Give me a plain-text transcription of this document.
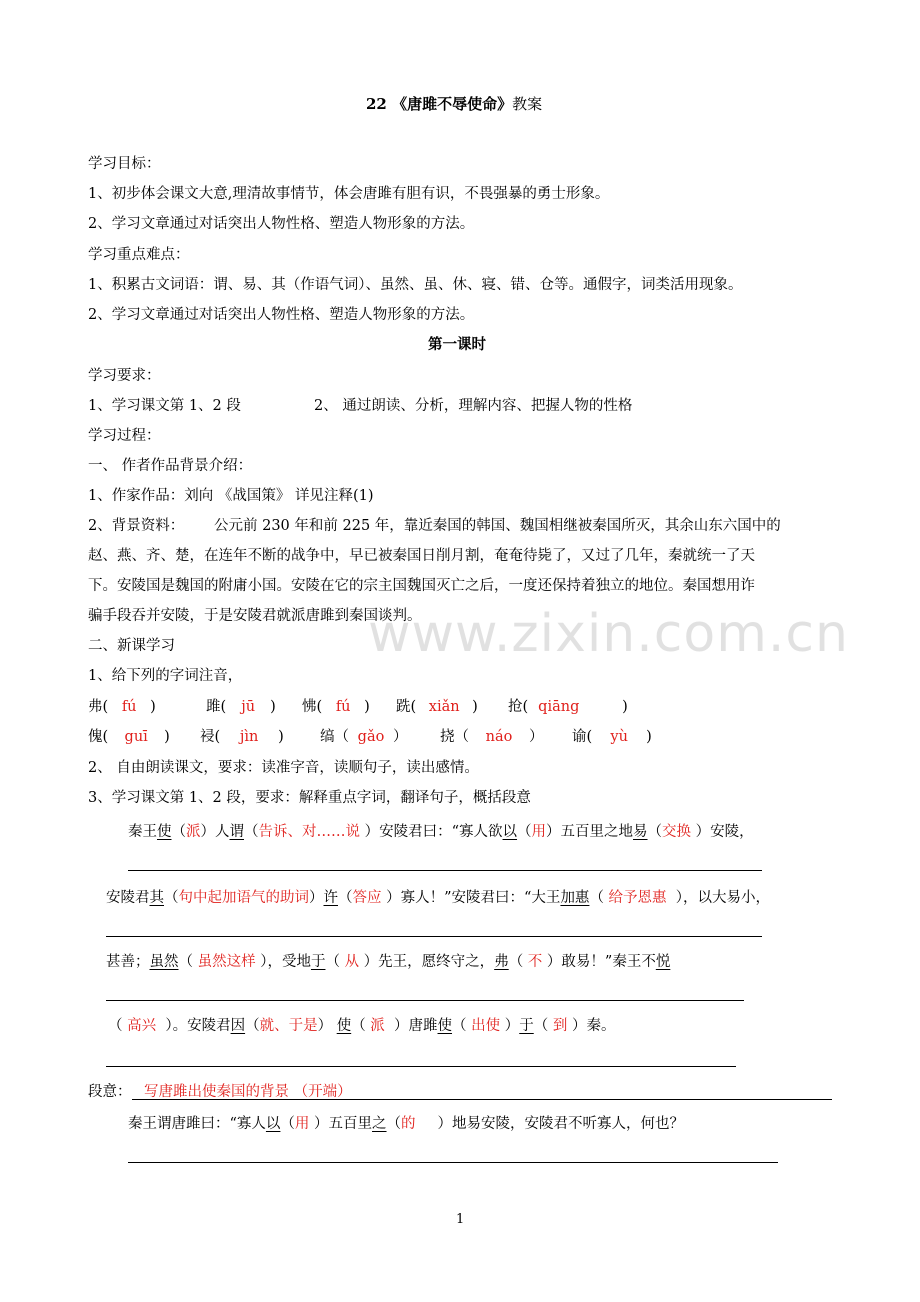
22 《唐雎不辱使命》教案
学习目标：
1、初步体会课文大意,理清故事情节，体会唐雎有胆有识，不畏强暴的勇士形象。
2、学习文章通过对话突出人物性格、塑造人物形象的方法。
学习重点难点：
1、积累古文词语：谓、易、其（作语气词）、虽然、虽、休、寝、错、仓等。通假字，词类活用现象。
2、学习文章通过对话突出人物性格、塑造人物形象的方法。
第一课时
学习要求：
1、学习课文第 1、2 段	2、 通过朗读、分析，理解内容、把握人物的性格
学习过程：
一、 作者作品背景介绍：
1、作家作品：刘向 《战国策》 详见注释(1)
2、背景资料： 公元前 230 年和前 225 年，靠近秦国的韩国、魏国相继被秦国所灭，其余山东六国中的
赵、燕、齐、楚，在连年不断的战争中，早已被秦国日削月割，奄奄待毙了，又过了几年，秦就统一了天
下。安陵国是魏国的附庸小国。安陵在它的宗主国魏国灭亡之后，一度还保持着独立的地位。秦国想用诈
骗手段吞并安陵，于是安陵君就派唐雎到秦国谈判。
www.zixin.com.cn
二、新课学习
1、给下列的字词注音，
弗( fú )	雎( jū ) 怫( fú ) 跣( xiǎn ) 抢( qiāng	)
傀( guī ) 祲( jìn ) 缟（ gǎo ） 挠（ náo ） 谕( yù )
2、 自由朗读课文，要求：读准字音，读顺句子，读出感情。
3、学习课文第 1、2 段，要求：解释重点字词，翻译句子，概括段意
秦王使（派）人谓（告诉、对……说 ）安陵君曰：“寡人欲以（用）五百里之地易（交换 ）安陵，
安陵君其（句中起加语气的助词）许（答应 ）寡人！”安陵君曰：“大王加惠（ 给予恩惠 ），以大易小，
甚善；虽然（ 虽然这样 ），受地于（ 从 ）先王，愿终守之，弗（ 不 ）敢易！”秦王不悦
（ 高兴 ）。安陵君因（就、于是） 使（ 派 ）唐雎使（ 出使 ）于（ 到 ）秦。
段意： 写唐雎出使秦国的背景 （开端）
秦王谓唐雎曰：“寡人以（用 ）五百里之（的 ）地易安陵，安陵君不听寡人，何也？
1
